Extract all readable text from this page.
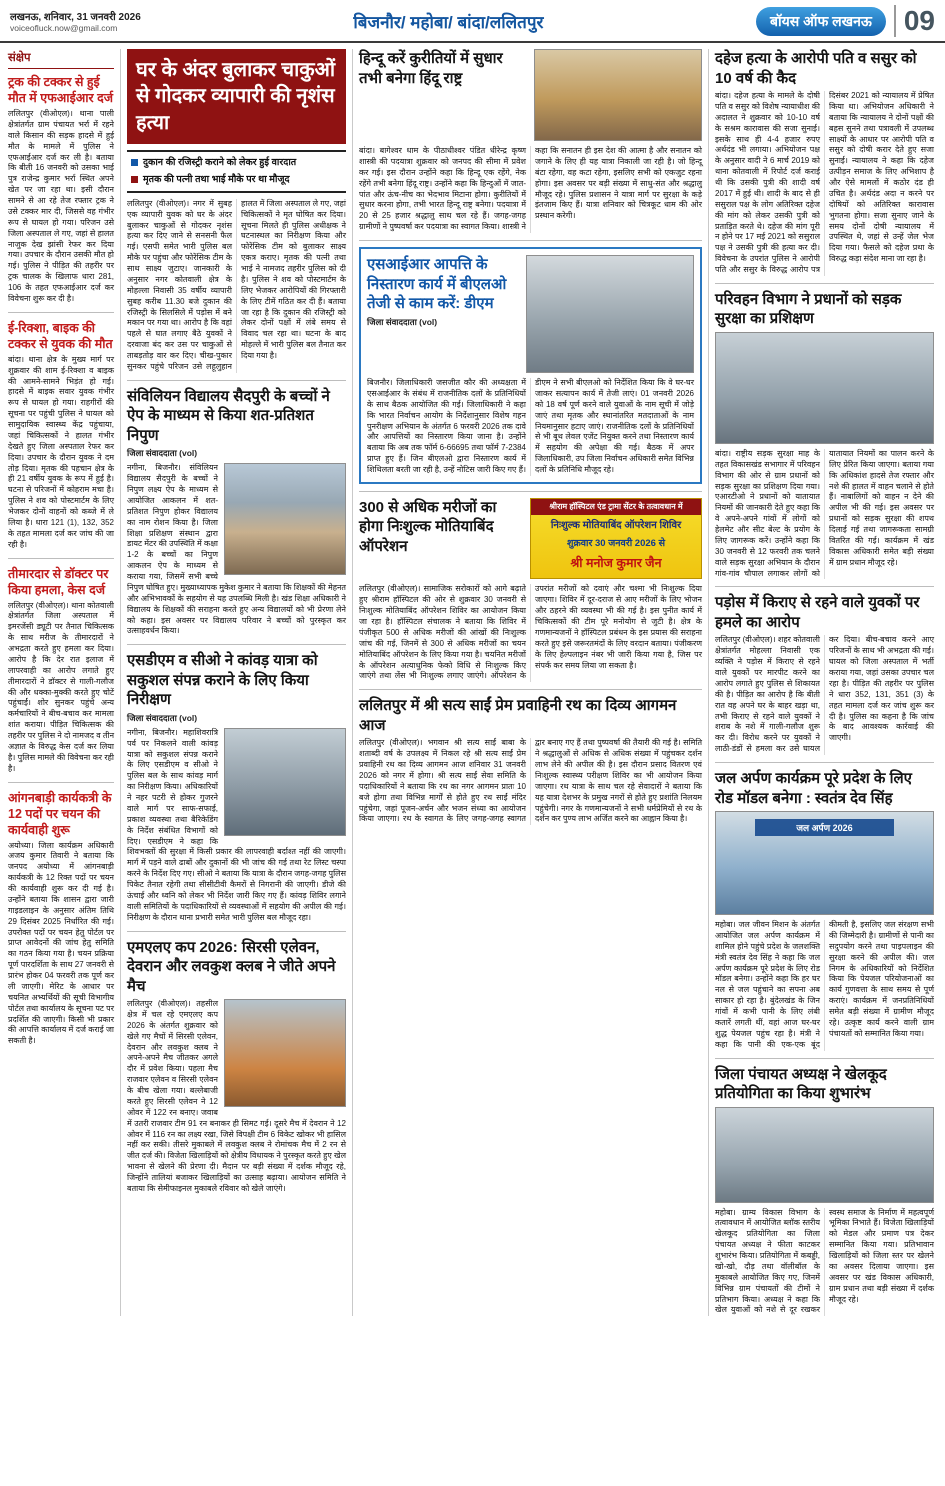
लखनऊ, शनिवार, 31 जनवरी 2026
voiceofluck.now@gmail.com	बिजनौर/ महोबा/ बांदा/ललितपुर	बॉयस ऑफ लखनऊ	09
संक्षेप
ट्रक की टक्कर से हुई मौत में एफआईआर दर्ज

ललितपुर (वीओएल)। थाना पाली क्षेत्रांतर्गत ग्राम पंचायत भर्रा में रहने वाले किसान की सड़क हादसे में हुई मौत के मामले में पुलिस ने एफआईआर दर्ज कर ली है। बताया कि बीती 16 जनवरी को उसका भाई पुत्र राजेन्द्र कुमार भर्रा स्थित अपने खेत पर जा रहा था। इसी दौरान सामने से आ रहे तेज रफ्तार ट्रक ने उसे टक्कर मार दी, जिससे वह गंभीर रूप से घायल हो गया। परिजन उसे जिला अस्पताल ले गए, जहां से हालत नाजुक देख झांसी रेफर कर दिया गया। उपचार के दौरान उसकी मौत हो गई। पुलिस ने पीड़ित की तहरीर पर ट्रक चालक के खिलाफ धारा 281, 106 के तहत एफआईआर दर्ज कर विवेचना शुरू कर दी है।

ई-रिक्शा, बाइक की टक्कर से युवक की मौत

बांदा। थाना क्षेत्र के मुख्य मार्ग पर शुक्रवार की शाम ई-रिक्शा व बाइक की आमने-सामने भिड़ंत हो गई। हादसे में बाइक सवार युवक गंभीर रूप से घायल हो गया। राहगीरों की सूचना पर पहुंची पुलिस ने घायल को सामुदायिक स्वास्थ्य केंद्र पहुंचाया, जहां चिकित्सकों ने हालत गंभीर देखते हुए जिला अस्पताल रेफर कर दिया। उपचार के दौरान युवक ने दम तोड़ दिया। मृतक की पहचान क्षेत्र के ही 21 वर्षीय युवक के रूप में हुई है। घटना से परिजनों में कोहराम मचा है। पुलिस ने शव को पोस्टमार्टम के लिए भेजकर दोनों वाहनों को कब्जे में ले लिया है। धारा 121 (1), 132, 352 के तहत मामला दर्ज कर जांच की जा रही है।

तीमारदार से डॉक्टर पर किया हमला, केस दर्ज

ललितपुर (वीओएल)। थाना कोतवाली क्षेत्रांतर्गत जिला अस्पताल में इमरजेंसी ड्यूटी पर तैनात चिकित्सक के साथ मरीज के तीमारदारों ने अभद्रता करते हुए हमला कर दिया। आरोप है कि देर रात इलाज में लापरवाही का आरोप लगाते हुए तीमारदारों ने डॉक्टर से गाली-गलौज की और धक्का-मुक्की करते हुए चोटें पहुंचाईं। शोर सुनकर पहुंचे अन्य कर्मचारियों ने बीच-बचाव कर मामला शांत कराया। पीड़ित चिकित्सक की तहरीर पर पुलिस ने दो नामजद व तीन अज्ञात के विरुद्ध केस दर्ज कर लिया है। पुलिस मामले की विवेचना कर रही है।

आंगनबाड़ी कार्यकत्री के 12 पदों पर चयन की कार्यवाही शुरू

अयोध्या। जिला कार्यक्रम अधिकारी अजय कुमार तिवारी ने बताया कि जनपद अयोध्या में आंगनबाड़ी कार्यकत्री के 12 रिक्त पदों पर चयन की कार्यवाही शुरू कर दी गई है। उन्होंने बताया कि शासन द्वारा जारी गाइडलाइन के अनुसार अंतिम तिथि 29 दिसंबर 2025 निर्धारित की गई। उपरोक्त पदों पर चयन हेतु पोर्टल पर प्राप्त आवेदनों की जांच हेतु समिति का गठन किया गया है। चयन प्रक्रिया पूर्ण पारदर्शिता के साथ 27 जनवरी से प्रारंभ होकर 04 फरवरी तक पूर्ण कर ली जाएगी। मेरिट के आधार पर चयनित अभ्यर्थियों की सूची विभागीय पोर्टल तथा कार्यालय के सूचना पट पर प्रदर्शित की जाएगी। किसी भी प्रकार की आपत्ति कार्यालय में दर्ज कराई जा सकती है।

घर के अंदर बुलाकर चाकुओं से गोदकर व्यापारी की नृशंस हत्या
दुकान की रजिस्ट्री कराने को लेकर हुई वारदात
मृतक की पत्नी तथा भाई मौके पर था मौजूद
ललितपुर (वीओएल)। नगर में सुबह एक व्यापारी युवक को घर के अंदर बुलाकर चाकुओं से गोदकर नृशंस हत्या कर दिए जाने से सनसनी फैल गई। एसपी समेत भारी पुलिस बल मौके पर पहुंचा और फोरेंसिक टीम के साथ साक्ष्य जुटाए। जानकारी के अनुसार नगर कोतवाली क्षेत्र के मोहल्ला निवासी 35 वर्षीय व्यापारी सुबह करीब 11.30 बजे दुकान की रजिस्ट्री के सिलसिले में पड़ोस में बने मकान पर गया था। आरोप है कि वहां पहले से घात लगाए बैठे युवकों ने दरवाजा बंद कर उस पर चाकुओं से ताबड़तोड़ वार कर दिए। चीख-पुकार सुनकर पहुंचे परिजन उसे लहूलुहान हालत में जिला अस्पताल ले गए, जहां चिकित्सकों ने मृत घोषित कर दिया। सूचना मिलते ही पुलिस अधीक्षक ने घटनास्थल का निरीक्षण किया और फोरेंसिक टीम को बुलाकर साक्ष्य एकत्र कराए। मृतक की पत्नी तथा भाई ने नामजद तहरीर पुलिस को दी है। पुलिस ने शव को पोस्टमार्टम के लिए भेजकर आरोपियों की गिरफ्तारी के लिए टीमें गठित कर दी हैं। बताया जा रहा है कि दुकान की रजिस्ट्री को लेकर दोनों पक्षों में लंबे समय से विवाद चल रहा था। घटना के बाद मोहल्ले में भारी पुलिस बल तैनात कर दिया गया है।
संविलियन विद्यालय सैदपुरी के बच्चों ने ऐप के माध्यम से किया शत-प्रतिशत निपुण
जिला संवाददाता (vol)

नगीना, बिजनौर। संविलियन विद्यालय सैदपुरी के बच्चों ने निपुण लक्ष्य ऐप के माध्यम से आयोजित आकलन में शत-प्रतिशत निपुण होकर विद्यालय का नाम रोशन किया है। जिला शिक्षा प्रशिक्षण संस्थान द्वारा डायट मेंटर की उपस्थिति में कक्षा 1-2 के बच्चों का निपुण आकलन ऐप के माध्यम से कराया गया, जिसमें सभी बच्चे निपुण घोषित हुए। मुख्याध्यापक मुकेश कुमार ने बताया कि शिक्षकों की मेहनत और अभिभावकों के सहयोग से यह उपलब्धि मिली है। खंड शिक्षा अधिकारी ने विद्यालय के शिक्षकों की सराहना करते हुए अन्य विद्यालयों को भी प्रेरणा लेने को कहा। इस अवसर पर विद्यालय परिवार ने बच्चों को पुरस्कृत कर उत्साहवर्धन किया।

एसडीएम व सीओ ने कांवड़ यात्रा को सकुशल संपन्न कराने के लिए किया निरीक्षण
जिला संवाददाता (vol)

नगीना, बिजनौर। महाशिवरात्रि पर्व पर निकलने वाली कांवड़ यात्रा को सकुशल संपन्न कराने के लिए एसडीएम व सीओ ने पुलिस बल के साथ कांवड़ मार्ग का निरीक्षण किया। अधिकारियों ने नहर पटरी से होकर गुजरने वाले मार्ग पर साफ-सफाई, प्रकाश व्यवस्था तथा बैरिकेडिंग के निर्देश संबंधित विभागों को दिए। एसडीएम ने कहा कि शिवभक्तों की सुरक्षा में किसी प्रकार की लापरवाही बर्दाश्त नहीं की जाएगी। मार्ग में पड़ने वाले ढाबों और दुकानों की भी जांच की गई तथा रेट लिस्ट चस्पा करने के निर्देश दिए गए। सीओ ने बताया कि यात्रा के दौरान जगह-जगह पुलिस पिकेट तैनात रहेगी तथा सीसीटीवी कैमरों से निगरानी की जाएगी। डीजे की ऊंचाई और ध्वनि को लेकर भी निर्देश जारी किए गए हैं। कांवड़ शिविर लगाने वाली समितियों के पदाधिकारियों से व्यवस्थाओं में सहयोग की अपील की गई। निरीक्षण के दौरान थाना प्रभारी समेत भारी पुलिस बल मौजूद रहा।

एमएलए कप 2026: सिरसी एलेवन, देवरान और लवकुश क्लब ने जीते अपने मैच

ललितपुर (वीओएल)। तहसील क्षेत्र में चल रहे एमएलए कप 2026 के अंतर्गत शुक्रवार को खेले गए मैचों में सिरसी एलेवन, देवरान और लवकुश क्लब ने अपने-अपने मैच जीतकर अगले दौर में प्रवेश किया। पहला मैच राजवार एलेवन व सिरसी एलेवन के बीच खेला गया। बल्लेबाजी करते हुए सिरसी एलेवन ने 12 ओवर में 122 रन बनाए। जवाब में उतरी राजवार टीम 91 रन बनाकर ही सिमट गई। दूसरे मैच में देवरान ने 12 ओवर में 116 रन का लक्ष्य रखा, जिसे विपक्षी टीम 6 विकेट खोकर भी हासिल नहीं कर सकी। तीसरे मुकाबले में लवकुश क्लब ने रोमांचक मैच में 2 रन से जीत दर्ज की। विजेता खिलाड़ियों को क्षेत्रीय विधायक ने पुरस्कृत करते हुए खेल भावना से खेलने की प्रेरणा दी। मैदान पर बड़ी संख्या में दर्शक मौजूद रहे, जिन्होंने तालियां बजाकर खिलाड़ियों का उत्साह बढ़ाया। आयोजन समिति ने बताया कि सेमीफाइनल मुकाबले रविवार को खेले जाएंगे।

हिन्दू करें कुरीतियों में सुधार तभी बनेगा हिंदू राष्ट्र
बांदा। बागेश्वर धाम के पीठाधीश्वर पंडित धीरेन्द्र कृष्ण शास्त्री की पदयात्रा शुक्रवार को जनपद की सीमा में प्रवेश कर गई। इस दौरान उन्होंने कहा कि हिन्दू एक रहेंगे, नेक रहेंगे तभी बनेगा हिंदू राष्ट्र। उन्होंने कहा कि हिन्दुओं में जात-पांत और ऊंच-नीच का भेदभाव मिटाना होगा। कुरीतियों में सुधार करना होगा, तभी भारत हिन्दू राष्ट्र बनेगा। पदयात्रा में 20 से 25 हजार श्रद्धालु साथ चल रहे हैं। जगह-जगह ग्रामीणों ने पुष्पवर्षा कर पदयात्रा का स्वागत किया। शास्त्री ने कहा कि सनातन ही इस देश की आत्मा है और सनातन को जगाने के लिए ही यह यात्रा निकाली जा रही है। जो हिन्दू बंटा रहेगा, वह कटा रहेगा, इसलिए सभी को एकजुट रहना होगा। इस अवसर पर बड़ी संख्या में साधु-संत और श्रद्धालु मौजूद रहे। पुलिस प्रशासन ने यात्रा मार्ग पर सुरक्षा के कड़े इंतजाम किए हैं। यात्रा शनिवार को चित्रकूट धाम की ओर प्रस्थान करेगी।
एसआईआर आपत्ति के निस्तारण कार्य में बीएलओ तेजी से काम करें: डीएम
जिला संवाददाता (vol)
बिजनौर। जिलाधिकारी जसजीत कौर की अध्यक्षता में एसआईआर के संबंध में राजनीतिक दलों के प्रतिनिधियों के साथ बैठक आयोजित की गई। जिलाधिकारी ने कहा कि भारत निर्वाचन आयोग के निर्देशानुसार विशेष गहन पुनरीक्षण अभियान के अंतर्गत 6 फरवरी 2026 तक दावे और आपत्तियों का निस्तारण किया जाना है। उन्होंने बताया कि अब तक फॉर्म 6-66695 तथा फॉर्म 7-2384 प्राप्त हुए हैं। जिन बीएलओ द्वारा निस्तारण कार्य में शिथिलता बरती जा रही है, उन्हें नोटिस जारी किए गए हैं। डीएम ने सभी बीएलओ को निर्देशित किया कि वे घर-घर जाकर सत्यापन कार्य में तेजी लाएं। 01 जनवरी 2026 को 18 वर्ष पूर्ण करने वाले युवाओं के नाम सूची में जोड़े जाएं तथा मृतक और स्थानांतरित मतदाताओं के नाम नियमानुसार हटाए जाएं। राजनीतिक दलों के प्रतिनिधियों से भी बूथ लेवल एजेंट नियुक्त करने तथा निस्तारण कार्य में सहयोग की अपेक्षा की गई। बैठक में अपर जिलाधिकारी, उप जिला निर्वाचन अधिकारी समेत विभिन्न दलों के प्रतिनिधि मौजूद रहे।
300 से अधिक मरीजों का होगा निःशुल्क मोतियाबिंद ऑपरेशन
श्रीराम हॉस्पिटल एंड ट्रामा सेंटर के तत्वावधान में
निःशुल्क मोतियाबिंद ऑपरेशन शिविर
शुक्रवार 30 जनवरी 2026 से
श्री मनोज कुमार जैन
ललितपुर (वीओएल)। सामाजिक सरोकारों को आगे बढ़ाते हुए श्रीराम हॉस्पिटल की ओर से शुक्रवार 30 जनवरी से निःशुल्क मोतियाबिंद ऑपरेशन शिविर का आयोजन किया जा रहा है। हॉस्पिटल संचालक ने बताया कि शिविर में पंजीकृत 500 से अधिक मरीजों की आंखों की निःशुल्क जांच की गई, जिनमें से 300 से अधिक मरीजों का चयन मोतियाबिंद ऑपरेशन के लिए किया गया है। चयनित मरीजों के ऑपरेशन अत्याधुनिक फेको विधि से निःशुल्क किए जाएंगे तथा लेंस भी निःशुल्क लगाए जाएंगे। ऑपरेशन के उपरांत मरीजों को दवाएं और चश्मा भी निःशुल्क दिया जाएगा। शिविर में दूर-दराज से आए मरीजों के लिए भोजन और ठहरने की व्यवस्था भी की गई है। इस पुनीत कार्य में चिकित्सकों की टीम पूरे मनोयोग से जुटी है। क्षेत्र के गणमान्यजनों ने हॉस्पिटल प्रबंधन के इस प्रयास की सराहना करते हुए इसे जरूरतमंदों के लिए वरदान बताया। पंजीकरण के लिए हेल्पलाइन नंबर भी जारी किया गया है, जिस पर संपर्क कर समय लिया जा सकता है।
ललितपुर में श्री सत्य साईं प्रेम प्रवाहिनी रथ का दिव्य आगमन आज
ललितपुर (वीओएल)। भगवान श्री सत्य साईं बाबा के शताब्दी वर्ष के उपलक्ष्य में निकल रहे श्री सत्य साईं प्रेम प्रवाहिनी रथ का दिव्य आगमन आज शनिवार 31 जनवरी 2026 को नगर में होगा। श्री सत्य साईं सेवा समिति के पदाधिकारियों ने बताया कि रथ का नगर आगमन प्रातः 10 बजे होगा तथा विभिन्न मार्गों से होते हुए रथ साईं मंदिर पहुंचेगा, जहां पूजन-अर्चन और भजन संध्या का आयोजन किया जाएगा। रथ के स्वागत के लिए जगह-जगह स्वागत द्वार बनाए गए हैं तथा पुष्पवर्षा की तैयारी की गई है। समिति ने श्रद्धालुओं से अधिक से अधिक संख्या में पहुंचकर दर्शन लाभ लेने की अपील की है। इस दौरान प्रसाद वितरण एवं निःशुल्क स्वास्थ्य परीक्षण शिविर का भी आयोजन किया जाएगा। रथ यात्रा के साथ चल रहे सेवादारों ने बताया कि यह यात्रा देशभर के प्रमुख नगरों से होते हुए प्रशांति निलयम पहुंचेगी। नगर के गणमान्यजनों ने सभी धर्मप्रेमियों से रथ के दर्शन कर पुण्य लाभ अर्जित करने का आह्वान किया है।
दहेज हत्या के आरोपी पति व ससुर को 10 वर्ष की कैद
बांदा। दहेज हत्या के मामले के दोषी पति व ससुर को विशेष न्यायाधीश की अदालत ने शुक्रवार को 10-10 वर्ष के सश्रम कारावास की सजा सुनाई। इसके साथ ही 4-4 हजार रुपए अर्थदंड भी लगाया। अभियोजन पक्ष के अनुसार वादी ने 6 मार्च 2019 को थाना कोतवाली में रिपोर्ट दर्ज कराई थी कि उसकी पुत्री की शादी वर्ष 2017 में हुई थी। शादी के बाद से ही ससुराल पक्ष के लोग अतिरिक्त दहेज की मांग को लेकर उसकी पुत्री को प्रताड़ित करते थे। दहेज की मांग पूरी न होने पर 17 मई 2021 को ससुराल पक्ष ने उसकी पुत्री की हत्या कर दी। विवेचना के उपरांत पुलिस ने आरोपी पति और ससुर के विरुद्ध आरोप पत्र दिसंबर 2021 को न्यायालय में प्रेषित किया था। अभियोजन अधिकारी ने बताया कि न्यायालय ने दोनों पक्षों की बहस सुनने तथा पत्रावली में उपलब्ध साक्ष्यों के आधार पर आरोपी पति व ससुर को दोषी करार देते हुए सजा सुनाई। न्यायालय ने कहा कि दहेज उत्पीड़न समाज के लिए अभिशाप है और ऐसे मामलों में कठोर दंड ही उचित है। अर्थदंड अदा न करने पर दोषियों को अतिरिक्त कारावास भुगतना होगा। सजा सुनाए जाने के समय दोनों दोषी न्यायालय में उपस्थित थे, जहां से उन्हें जेल भेज दिया गया। फैसले को दहेज प्रथा के विरुद्ध कड़ा संदेश माना जा रहा है।
परिवहन विभाग ने प्रधानों को सड़क सुरक्षा का प्रशिक्षण
बांदा। राष्ट्रीय सड़क सुरक्षा माह के तहत विकासखंड सभागार में परिवहन विभाग की ओर से ग्राम प्रधानों को सड़क सुरक्षा का प्रशिक्षण दिया गया। एआरटीओ ने प्रधानों को यातायात नियमों की जानकारी देते हुए कहा कि वे अपने-अपने गांवों में लोगों को हेलमेट और सीट बेल्ट के प्रयोग के लिए जागरूक करें। उन्होंने कहा कि 30 जनवरी से 12 फरवरी तक चलने वाले सड़क सुरक्षा अभियान के दौरान गांव-गांव चौपाल लगाकर लोगों को यातायात नियमों का पालन करने के लिए प्रेरित किया जाएगा। बताया गया कि अधिकांश हादसे तेज रफ्तार और नशे की हालत में वाहन चलाने से होते हैं। नाबालिगों को वाहन न देने की अपील भी की गई। इस अवसर पर प्रधानों को सड़क सुरक्षा की शपथ दिलाई गई तथा जागरूकता सामग्री वितरित की गई। कार्यक्रम में खंड विकास अधिकारी समेत बड़ी संख्या में ग्राम प्रधान मौजूद रहे।
पड़ोस में किराए से रहने वाले युवकों पर हमले का आरोप
ललितपुर (वीओएल)। शहर कोतवाली क्षेत्रांतर्गत मोहल्ला निवासी एक व्यक्ति ने पड़ोस में किराए से रहने वाले युवकों पर मारपीट करने का आरोप लगाते हुए पुलिस से शिकायत की है। पीड़ित का आरोप है कि बीती रात वह अपने घर के बाहर खड़ा था, तभी किराए से रहने वाले युवकों ने शराब के नशे में गाली-गलौज शुरू कर दी। विरोध करने पर युवकों ने लाठी-डंडों से हमला कर उसे घायल कर दिया। बीच-बचाव करने आए परिजनों के साथ भी अभद्रता की गई। घायल को जिला अस्पताल में भर्ती कराया गया, जहां उसका उपचार चल रहा है। पीड़ित की तहरीर पर पुलिस ने धारा 352, 131, 351 (3) के तहत मामला दर्ज कर जांच शुरू कर दी है। पुलिस का कहना है कि जांच के बाद आवश्यक कार्रवाई की जाएगी।
जल अर्पण कार्यक्रम पूरे प्रदेश के लिए रोड मॉडल बनेगा : स्वतंत्र देव सिंह
जल अर्पण 2026
महोबा। जल जीवन मिशन के अंतर्गत आयोजित जल अर्पण कार्यक्रम में शामिल होने पहुंचे प्रदेश के जलशक्ति मंत्री स्वतंत्र देव सिंह ने कहा कि जल अर्पण कार्यक्रम पूरे प्रदेश के लिए रोड मॉडल बनेगा। उन्होंने कहा कि हर घर नल से जल पहुंचाने का सपना अब साकार हो रहा है। बुंदेलखंड के जिन गांवों में कभी पानी के लिए लंबी कतारें लगती थीं, वहां आज घर-घर शुद्ध पेयजल पहुंच रहा है। मंत्री ने कहा कि पानी की एक-एक बूंद कीमती है, इसलिए जल संरक्षण सभी की जिम्मेदारी है। ग्रामीणों से पानी का सदुपयोग करने तथा पाइपलाइन की सुरक्षा करने की अपील की। जल निगम के अधिकारियों को निर्देशित किया कि पेयजल परियोजनाओं का कार्य गुणवत्ता के साथ समय से पूर्ण कराएं। कार्यक्रम में जनप्रतिनिधियों समेत बड़ी संख्या में ग्रामीण मौजूद रहे। उत्कृष्ट कार्य करने वाली ग्राम पंचायतों को सम्मानित किया गया।
जिला पंचायत अध्यक्ष ने खेलकूद प्रतियोगिता का किया शुभारंभ
महोबा। ग्राम्य विकास विभाग के तत्वावधान में आयोजित ब्लॉक स्तरीय खेलकूद प्रतियोगिता का जिला पंचायत अध्यक्ष ने फीता काटकर शुभारंभ किया। प्रतियोगिता में कबड्डी, खो-खो, दौड़ तथा वॉलीबॉल के मुकाबले आयोजित किए गए, जिनमें विभिन्न ग्राम पंचायतों की टीमों ने प्रतिभाग किया। अध्यक्ष ने कहा कि खेल युवाओं को नशे से दूर रखकर स्वस्थ समाज के निर्माण में महत्वपूर्ण भूमिका निभाते हैं। विजेता खिलाड़ियों को मेडल और प्रमाण पत्र देकर सम्मानित किया गया। प्रतिभावान खिलाड़ियों को जिला स्तर पर खेलने का अवसर दिलाया जाएगा। इस अवसर पर खंड विकास अधिकारी, ग्राम प्रधान तथा बड़ी संख्या में दर्शक मौजूद रहे।
